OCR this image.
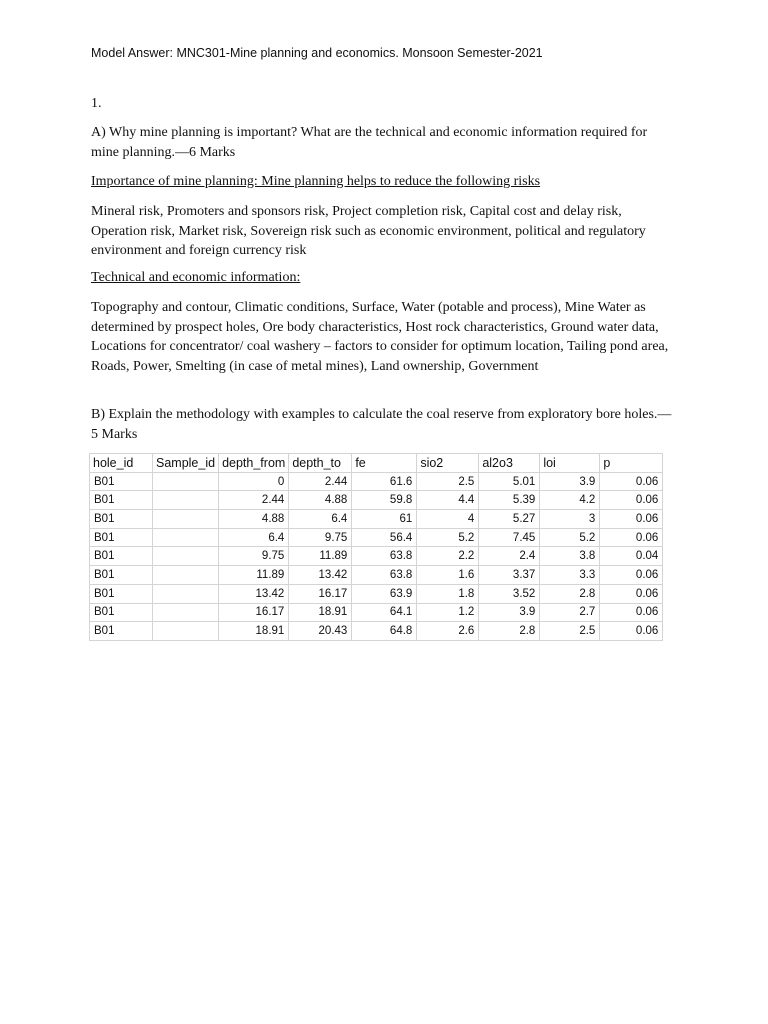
Model Answer: MNC301-Mine planning and economics. Monsoon Semester-2021
1.
A) Why mine planning is important? What are the technical and economic information required for mine planning.—6 Marks
Importance of mine planning: Mine planning helps to reduce the following risks
Mineral risk, Promoters and sponsors risk, Project completion risk, Capital cost and delay risk, Operation risk, Market risk, Sovereign risk such as economic environment, political and regulatory environment and foreign currency risk
Technical and economic information:
Topography and contour, Climatic conditions, Surface, Water (potable and process), Mine Water as determined by prospect holes, Ore body characteristics, Host rock characteristics, Ground water data, Locations for concentrator/ coal washery – factors to consider for optimum location, Tailing pond area, Roads, Power, Smelting (in case of metal mines), Land ownership, Government
B) Explain the methodology with examples to calculate the coal reserve from exploratory bore holes.—5 Marks
hole_id	Sample_id	depth_from	depth_to	fe	sio2	al2o3	loi	p
B01		0	2.44	61.6	2.5	5.01	3.9	0.06
B01		2.44	4.88	59.8	4.4	5.39	4.2	0.06
B01		4.88	6.4	61	4	5.27	3	0.06
B01		6.4	9.75	56.4	5.2	7.45	5.2	0.06
B01		9.75	11.89	63.8	2.2	2.4	3.8	0.04
B01		11.89	13.42	63.8	1.6	3.37	3.3	0.06
B01		13.42	16.17	63.9	1.8	3.52	2.8	0.06
B01		16.17	18.91	64.1	1.2	3.9	2.7	0.06
B01		18.91	20.43	64.8	2.6	2.8	2.5	0.06
